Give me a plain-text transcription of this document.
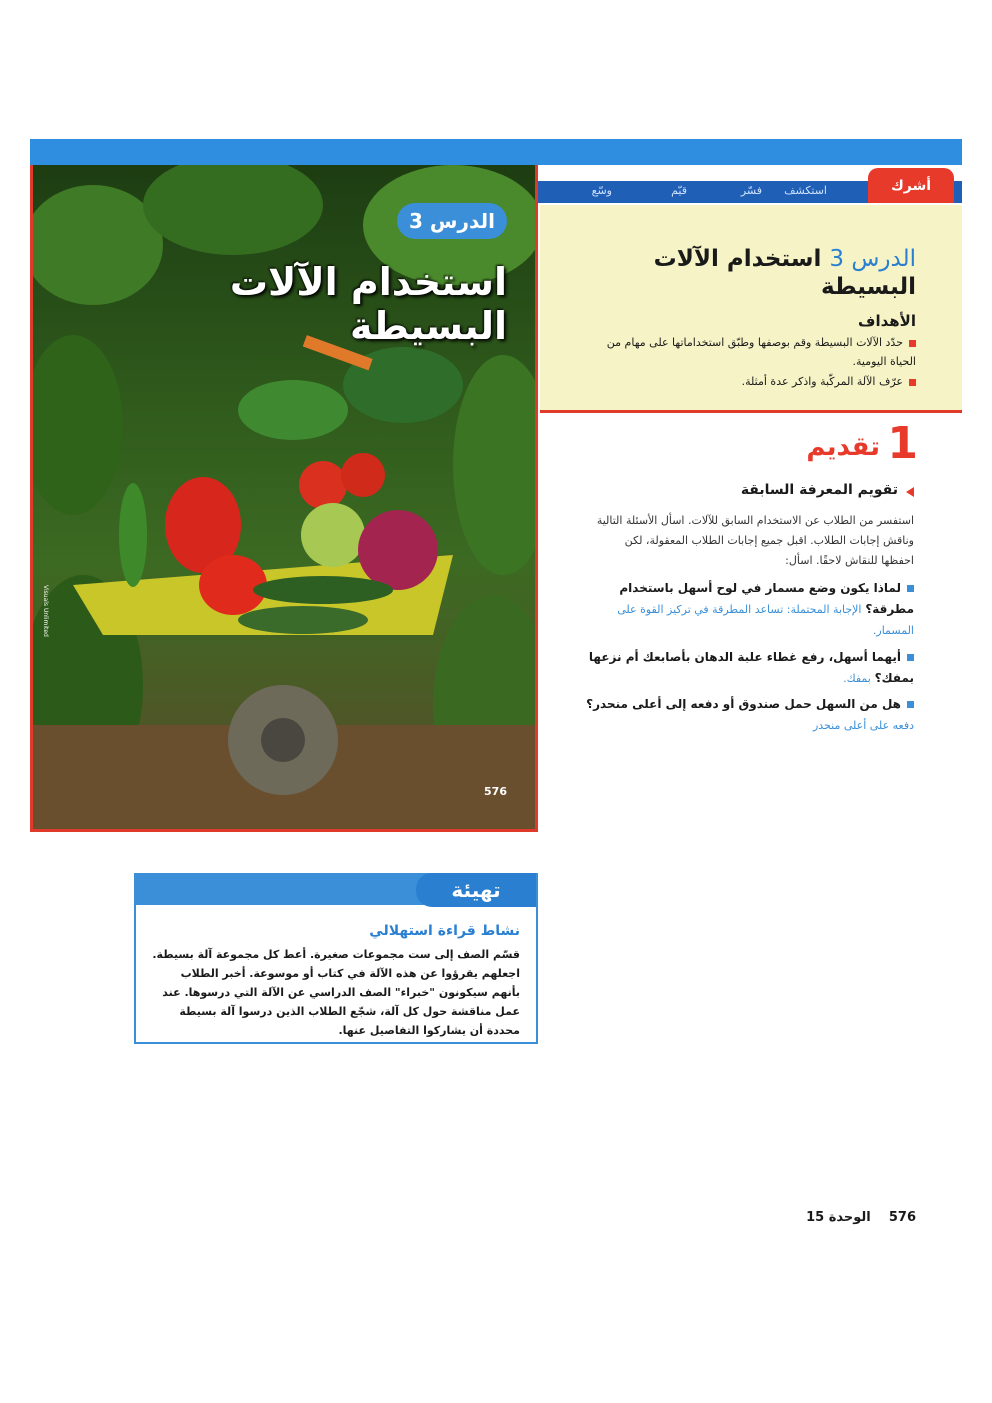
الدرس 3
استخدام الآلات البسيطة
576
Visuals Unlimited
استكشف
فسّر
قيّم
وسّع	أشرك
الدرس 3 استخدام الآلات البسيطة
الأهداف
حدّد الآلات البسيطة وقم بوصفها وطبّق استخداماتها على مهام من الحياة اليومية.
عرّف الآلة المركّبة واذكر عدة أمثلة.
1
تقديم
تقويم المعرفة السابقة
استفسر من الطلاب عن الاستخدام السابق للآلات. اسأل الأسئلة التالية وناقش إجابات الطلاب. اقبل جميع إجابات الطلاب المعقولة، لكن احفظها للنقاش لاحقًا. اسأل:
لماذا يكون وضع مسمار في لوح أسهل باستخدام مطرقة؟ الإجابة المحتملة: تساعد المطرقة في تركيز القوة على المسمار.
أيهما أسهل، رفع غطاء علبة الدهان بأصابعك أم نزعها بمفك؟ بمفك.
هل من السهل حمل صندوق أو دفعه إلى أعلى منحدر؟ دفعه على أعلى منحدر
تهيئة
نشاط قراءة استهلالي
قسّم الصف إلى ست مجموعات صغيرة. أعط كل مجموعة آلة بسيطة. اجعلهم يقرؤوا عن هذه الآلة في كتاب أو موسوعة. أخبر الطلاب بأنهم سيكونون "خبراء" الصف الدراسي عن الآلة التي درسوها. عند عمل مناقشة حول كل آلة، شجّع الطلاب الذين درسوا آلة بسيطة محددة أن يشاركوا التفاصيل عنها.
576    الوحدة 15
